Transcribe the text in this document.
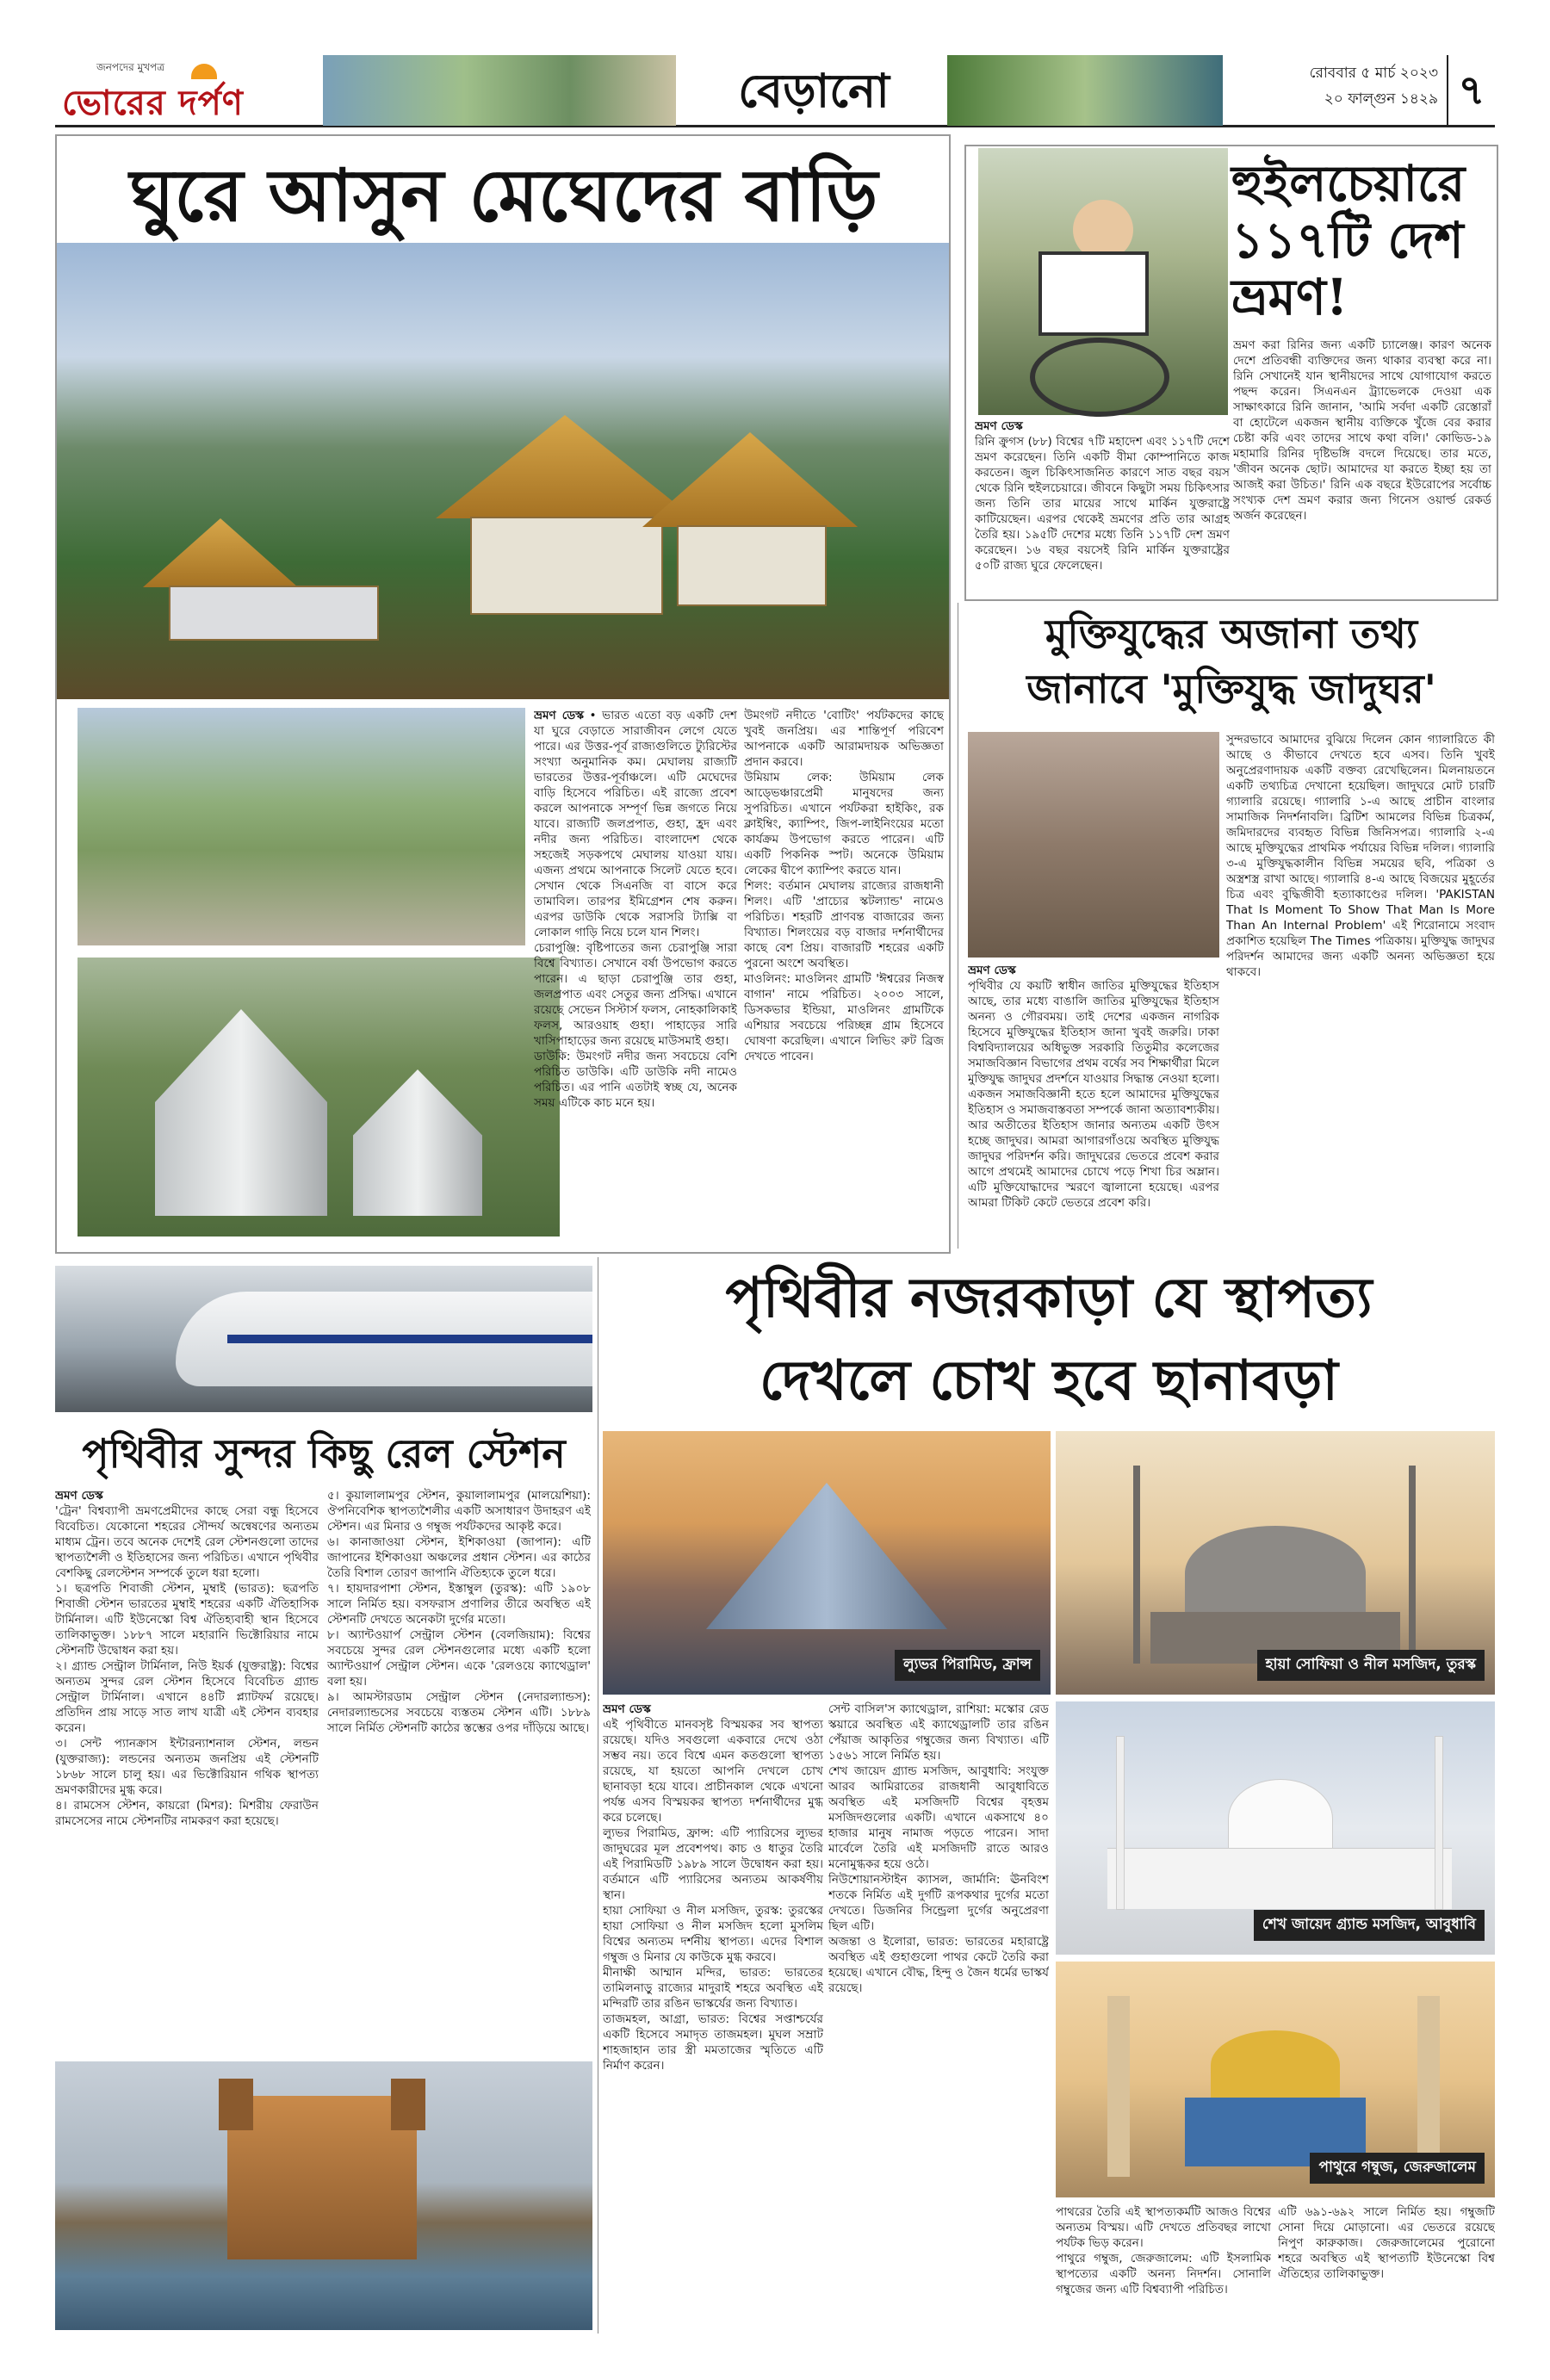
জনপদের মুখপত্র
ভোরের দর্পণ	বেড়ানো	রোববার ৫ মার্চ ২০২৩
২০ ফাল্গুন ১৪২৯ ৭
ঘুরে আসুন মেঘেদের বাড়ি
ভ্রমণ ডেস্ক • ভারত এতো বড় একটি দেশ যা ঘুরে বেড়াতে সারাজীবন লেগে যেতে পারে। এর উত্তর-পূর্ব রাজ্যগুলিতে ট্যুরিস্টের সংখ্যা অনুমানিক কম। মেঘালয় রাজ্যটি ভারতের উত্তর-পূর্বাঞ্চলে। এটি মেঘেদের বাড়ি হিসেবে পরিচিত। এই রাজ্যে প্রবেশ করলে আপনাকে সম্পূর্ণ ভিন্ন জগতে নিয়ে যাবে। রাজ্যটি জলপ্রপাত, গুহা, হ্রদ এবং নদীর জন্য পরিচিত। বাংলাদেশ থেকে সহজেই সড়কপথে মেঘালয় যাওয়া যায়। এজন্য প্রথমে আপনাকে সিলেট যেতে হবে। সেখান থেকে সিএনজি বা বাসে করে তামাবিল। তারপর ইমিগ্রেশন শেষ করুন। এরপর ডাউকি থেকে সরাসরি ট্যাক্সি বা লোকাল গাড়ি নিয়ে চলে যান শিলং।
চেরাপুঞ্জি: বৃষ্টিপাতের জন্য চেরাপুঞ্জি সারা বিশ্বে বিখ্যাত। সেখানে বর্ষা উপভোগ করতে পারেন। এ ছাড়া চেরাপুঞ্জি তার গুহা, জলপ্রপাত এবং সেতুর জন্য প্রসিদ্ধ। এখানে রয়েছে সেভেন সিস্টার্স ফলস, নোহকালিকাই ফলস, আরওয়াহ গুহা। পাহাড়ের সারি খাসিপাহাড়ের জন্য রয়েছে মাউসমাই গুহা।
ডাউকি: উমংগট নদীর জন্য সবচেয়ে বেশি পরিচিত ডাউকি। এটি ডাউকি নদী নামেও পরিচিত। এর পানি এতটাই স্বচ্ছ যে, অনেক সময় এটিকে কাচ মনে হয়।
উমংগট নদীতে 'বোটিং' পর্যটকদের কাছে খুবই জনপ্রিয়। এর শান্তিপূর্ণ পরিবেশ আপনাকে একটি আরামদায়ক অভিজ্ঞতা প্রদান করবে।
উমিয়াম লেক: উমিয়াম লেক আড্ভেঞ্চারপ্রেমী মানুষদের জন্য সুপরিচিত। এখানে পর্যটকরা হাইকিং, রক ক্লাইম্বিং, ক্যাম্পিং, জিপ-লাইনিংয়ের মতো কার্যক্রম উপভোগ করতে পারেন। এটি একটি পিকনিক স্পট। অনেকে উমিয়াম লেকের দ্বীপে ক্যাম্পিং করতে যান।
শিলং: বর্তমান মেঘালয় রাজ্যের রাজধানী শিলং। এটি 'প্রাচ্যের স্কটল্যান্ড' নামেও পরিচিত। শহরটি প্রাণবন্ত বাজারের জন্য বিখ্যাত। শিলংয়ের বড় বাজার দর্শনার্থীদের কাছে বেশ প্রিয়। বাজারটি শহরের একটি পুরনো অংশে অবস্থিত।
মাওলিনং: মাওলিনং গ্রামটি 'ঈশ্বরের নিজস্ব বাগান' নামে পরিচিত। ২০০৩ সালে, ডিসকভার ইন্ডিয়া, মাওলিনং গ্রামটিকে এশিয়ার সবচেয়ে পরিচ্ছন্ন গ্রাম হিসেবে ঘোষণা করেছিল। এখানে লিভিং রুট ব্রিজ দেখতে পাবেন।
হুইলচেয়ারে ১১৭টি দেশ ভ্রমণ!
ভ্রমণ করা রিনির জন্য একটি চ্যালেঞ্জ। কারণ অনেক দেশে প্রতিবন্ধী ব্যক্তিদের জন্য থাকার ব্যবস্থা করে না। রিনি সেখানেই যান স্থানীয়দের সাথে যোগাযোগ করতে পছন্দ করেন। সিএনএন ট্র্যাভেলকে দেওয়া এক সাক্ষাৎকারে রিনি জানান, 'আমি সর্বদা একটি রেস্তোরাঁ বা হোটেলে একজন স্থানীয় ব্যক্তিকে খুঁজে বের করার চেষ্টা করি এবং তাদের সাথে কথা বলি।' কোভিড-১৯ মহামারি রিনির দৃষ্টিভঙ্গি বদলে দিয়েছে। তার মতে, 'জীবন অনেক ছোট। আমাদের যা করতে ইচ্ছা হয় তা আজই করা উচিত।' রিনি এক বছরে ইউরোপের সর্বোচ্চ সংখ্যক দেশ ভ্রমণ করার জন্য গিনেস ওয়ার্ল্ড রেকর্ড অর্জন করেছেন।
ভ্রমণ ডেস্ক
রিনি ক্রুগস (৮৮) বিশ্বের ৭টি মহাদেশ এবং ১১৭টি দেশে ভ্রমণ করেছেন। তিনি একটি বীমা কোম্পানিতে কাজ করতেন। জুল চিকিৎসাজনিত কারণে সাত বছর বয়স থেকে রিনি হুইলচেয়ারে। জীবনে কিছুটা সময় চিকিৎসার জন্য তিনি তার মায়ের সাথে মার্কিন যুক্তরাষ্ট্রে কাটিয়েছেন। এরপর থেকেই ভ্রমণের প্রতি তার আগ্রহ তৈরি হয়। ১৯৫টি দেশের মধ্যে তিনি ১১৭টি দেশ ভ্রমণ করেছেন। ১৬ বছর বয়সেই রিনি মার্কিন যুক্তরাষ্ট্রের ৫০টি রাজ্য ঘুরে ফেলেছেন।
মুক্তিযুদ্ধের অজানা তথ্য
জানাবে 'মুক্তিযুদ্ধ জাদুঘর'
ভ্রমণ ডেস্ক
পৃথিবীর যে কয়টি স্বাধীন জাতির মুক্তিযুদ্ধের ইতিহাস আছে, তার মধ্যে বাঙালি জাতির মুক্তিযুদ্ধের ইতিহাস অনন্য ও গৌরবময়। তাই দেশের একজন নাগরিক হিসেবে মুক্তিযুদ্ধের ইতিহাস জানা খুবই জরুরি। ঢাকা বিশ্ববিদ্যালয়ের অধিভুক্ত সরকারি তিতুমীর কলেজের সমাজবিজ্ঞান বিভাগের প্রথম বর্ষের সব শিক্ষার্থীরা মিলে মুক্তিযুদ্ধ জাদুঘর প্রদর্শনে যাওয়ার সিদ্ধান্ত নেওয়া হলো। একজন সমাজবিজ্ঞানী হতে হলে আমাদের মুক্তিযুদ্ধের ইতিহাস ও সমাজবাস্তবতা সম্পর্কে জানা অত্যাবশ্যকীয়। আর অতীতের ইতিহাস জানার অন্যতম একটি উৎস হচ্ছে জাদুঘর। আমরা আগারগাঁওয়ে অবস্থিত মুক্তিযুদ্ধ জাদুঘর পরিদর্শন করি। জাদুঘরের ভেতরে প্রবেশ করার আগে প্রথমেই আমাদের চোখে পড়ে শিখা চির অম্লান। এটি মুক্তিযোদ্ধাদের স্মরণে জ্বালানো হয়েছে। এরপর আমরা টিকিট কেটে ভেতরে প্রবেশ করি।
সুন্দরভাবে আমাদের বুঝিয়ে দিলেন কোন গ্যালারিতে কী আছে ও কীভাবে দেখতে হবে এসব। তিনি খুবই অনুপ্রেরণাদায়ক একটি বক্তব্য রেখেছিলেন। মিলনায়তনে একটি তথ্যচিত্র দেখানো হয়েছিল। জাদুঘরে মোট চারটি গ্যালারি রয়েছে। গ্যালারি ১-এ আছে প্রাচীন বাংলার সামাজিক নিদর্শনাবলি। ব্রিটিশ আমলের বিভিন্ন চিত্রকর্ম, জমিদারদের ব্যবহৃত বিভিন্ন জিনিসপত্র। গ্যালারি ২-এ আছে মুক্তিযুদ্ধের প্রাথমিক পর্যায়ের বিভিন্ন দলিল। গ্যালারি ৩-এ মুক্তিযুদ্ধকালীন বিভিন্ন সময়ের ছবি, পত্রিকা ও অস্ত্রশস্ত্র রাখা আছে। গ্যালারি ৪-এ আছে বিজয়ের মুহূর্তের চিত্র এবং বুদ্ধিজীবী হত্যাকাণ্ডের দলিল। 'PAKISTAN That Is Moment To Show That Man Is More Than An Internal Problem' এই শিরোনামে সংবাদ প্রকাশিত হয়েছিল The Times পত্রিকায়। মুক্তিযুদ্ধ জাদুঘর পরিদর্শন আমাদের জন্য একটি অনন্য অভিজ্ঞতা হয়ে থাকবে।
পৃথিবীর সুন্দর কিছু রেল স্টেশন
ভ্রমণ ডেস্ক
'ট্রেন' বিশ্বব্যাপী ভ্রমণপ্রেমীদের কাছে সেরা বন্ধু হিসেবে বিবেচিত। যেকোনো শহরের সৌন্দর্য অন্বেষণের অন্যতম মাধ্যম ট্রেন। তবে অনেক দেশেই রেল স্টেশনগুলো তাদের স্থাপত্যশৈলী ও ইতিহাসের জন্য পরিচিত। এখানে পৃথিবীর বেশকিছু রেলস্টেশন সম্পর্কে তুলে ধরা হলো।
১। ছত্রপতি শিবাজী স্টেশন, মুম্বাই (ভারত): ছত্রপতি শিবাজী স্টেশন ভারতের মুম্বাই শহরের একটি ঐতিহাসিক টার্মিনাল। এটি ইউনেস্কো বিশ্ব ঐতিহ্যবাহী স্থান হিসেবে তালিকাভুক্ত। ১৮৮৭ সালে মহারানি ভিক্টোরিয়ার নামে স্টেশনটি উদ্বোধন করা হয়।
২। গ্র্যান্ড সেন্ট্রাল টার্মিনাল, নিউ ইয়র্ক (যুক্তরাষ্ট্র): বিশ্বের অন্যতম সুন্দর রেল স্টেশন হিসেবে বিবেচিত গ্র্যান্ড সেন্ট্রাল টার্মিনাল। এখানে ৪৪টি প্ল্যাটফর্ম রয়েছে। প্রতিদিন প্রায় সাড়ে সাত লাখ যাত্রী এই স্টেশন ব্যবহার করেন।
৩। সেন্ট প্যানক্রাস ইন্টারন্যাশনাল স্টেশন, লন্ডন (যুক্তরাজ্য): লন্ডনের অন্যতম জনপ্রিয় এই স্টেশনটি ১৮৬৮ সালে চালু হয়। এর ভিক্টোরিয়ান গথিক স্থাপত্য ভ্রমণকারীদের মুগ্ধ করে।
৪। রামসেস স্টেশন, কায়রো (মিশর): মিশরীয় ফেরাউন রামসেসের নামে স্টেশনটির নামকরণ করা হয়েছে।
৫। কুয়ালালামপুর স্টেশন, কুয়ালালামপুর (মালয়েশিয়া): ঔপনিবেশিক স্থাপত্যশৈলীর একটি অসাধারণ উদাহরণ এই স্টেশন। এর মিনার ও গম্বুজ পর্যটকদের আকৃষ্ট করে।
৬। কানাজাওয়া স্টেশন, ইশিকাওয়া (জাপান): এটি জাপানের ইশিকাওয়া অঞ্চলের প্রধান স্টেশন। এর কাঠের তৈরি বিশাল তোরণ জাপানি ঐতিহ্যকে তুলে ধরে।
৭। হায়দারপাশা স্টেশন, ইস্তাম্বুল (তুরস্ক): এটি ১৯০৮ সালে নির্মিত হয়। বসফরাস প্রণালির তীরে অবস্থিত এই স্টেশনটি দেখতে অনেকটা দুর্গের মতো।
৮। অ্যান্টওয়ার্প সেন্ট্রাল স্টেশন (বেলজিয়াম): বিশ্বের সবচেয়ে সুন্দর রেল স্টেশনগুলোর মধ্যে একটি হলো অ্যান্টওয়ার্প সেন্ট্রাল স্টেশন। একে 'রেলওয়ে ক্যাথেড্রাল' বলা হয়।
৯। আমস্টারডাম সেন্ট্রাল স্টেশন (নেদারল্যান্ডস): নেদারল্যান্ডসের সবচেয়ে ব্যস্ততম স্টেশন এটি। ১৮৮৯ সালে নির্মিত স্টেশনটি কাঠের স্তম্ভের ওপর দাঁড়িয়ে আছে।
পৃথিবীর নজরকাড়া যে স্থাপত্য
দেখলে চোখ হবে ছানাবড়া
ল্যুভর পিরামিড, ফ্রান্স	হায়া সোফিয়া ও নীল মসজিদ, তুরস্ক
শেখ জায়েদ গ্র্যান্ড মসজিদ, আবুধাবি
পাথুরে গম্বুজ, জেরুজালেম
ভ্রমণ ডেস্ক
এই পৃথিবীতে মানবসৃষ্ট বিস্ময়কর সব স্থাপত্য রয়েছে। যদিও সবগুলো একবারে দেখে ওঠা সম্ভব নয়। তবে বিশ্বে এমন কতগুলো স্থাপত্য রয়েছে, যা হয়তো আপনি দেখলে চোখ ছানাবড়া হয়ে যাবে। প্রাচীনকাল থেকে এখনো পর্যন্ত এসব বিস্ময়কর স্থাপত্য দর্শনার্থীদের মুগ্ধ করে চলেছে।
ল্যুভর পিরামিড, ফ্রান্স: এটি প্যারিসের ল্যুভর জাদুঘরের মূল প্রবেশপথ। কাচ ও ধাতুর তৈরি এই পিরামিডটি ১৯৮৯ সালে উদ্বোধন করা হয়। বর্তমানে এটি প্যারিসের অন্যতম আকর্ষণীয় স্থান।
হায়া সোফিয়া ও নীল মসজিদ, তুরস্ক: তুরস্কের হায়া সোফিয়া ও নীল মসজিদ হলো মুসলিম বিশ্বের অন্যতম দর্শনীয় স্থাপত্য। এদের বিশাল গম্বুজ ও মিনার যে কাউকে মুগ্ধ করবে।
মীনাক্ষী আম্মান মন্দির, ভারত: ভারতের তামিলনাড়ু রাজ্যের মাদুরাই শহরে অবস্থিত এই মন্দিরটি তার রঙিন ভাস্কর্যের জন্য বিখ্যাত।
তাজমহল, আগ্রা, ভারত: বিশ্বের সপ্তাশ্চর্যের একটি হিসেবে সমাদৃত তাজমহল। মুঘল সম্রাট শাহজাহান তার স্ত্রী মমতাজের স্মৃতিতে এটি নির্মাণ করেন।
সেন্ট বাসিল'স ক্যাথেড্রাল, রাশিয়া: মস্কোর রেড স্কয়ারে অবস্থিত এই ক্যাথেড্রালটি তার রঙিন পেঁয়াজ আকৃতির গম্বুজের জন্য বিখ্যাত। এটি ১৫৬১ সালে নির্মিত হয়।
শেখ জায়েদ গ্র্যান্ড মসজিদ, আবুধাবি: সংযুক্ত আরব আমিরাতের রাজধানী আবুধাবিতে অবস্থিত এই মসজিদটি বিশ্বের বৃহত্তম মসজিদগুলোর একটি। এখানে একসাথে ৪০ হাজার মানুষ নামাজ পড়তে পারেন। সাদা মার্বেলে তৈরি এই মসজিদটি রাতে আরও মনোমুগ্ধকর হয়ে ওঠে।
নিউশোয়ানস্টাইন ক্যাসল, জার্মানি: ঊনবিংশ শতকে নির্মিত এই দুর্গটি রূপকথার দুর্গের মতো দেখতে। ডিজনির সিন্ড্রেলা দুর্গের অনুপ্রেরণা ছিল এটি।
অজন্তা ও ইলোরা, ভারত: ভারতের মহারাষ্ট্রে অবস্থিত এই গুহাগুলো পাথর কেটে তৈরি করা হয়েছে। এখানে বৌদ্ধ, হিন্দু ও জৈন ধর্মের ভাস্কর্য রয়েছে।
পাথরের তৈরি এই স্থাপত্যকর্মটি আজও বিশ্বের অন্যতম বিস্ময়। এটি দেখতে প্রতিবছর লাখো পর্যটক ভিড় করেন।
পাথুরে গম্বুজ, জেরুজালেম: এটি ইসলামিক স্থাপত্যের একটি অনন্য নিদর্শন। সোনালি গম্বুজের জন্য এটি বিশ্বব্যাপী পরিচিত।
এটি ৬৯১-৬৯২ সালে নির্মিত হয়। গম্বুজটি সোনা দিয়ে মোড়ানো। এর ভেতরে রয়েছে নিপুণ কারুকাজ। জেরুজালেমের পুরোনো শহরে অবস্থিত এই স্থাপত্যটি ইউনেস্কো বিশ্ব ঐতিহ্যের তালিকাভুক্ত।
